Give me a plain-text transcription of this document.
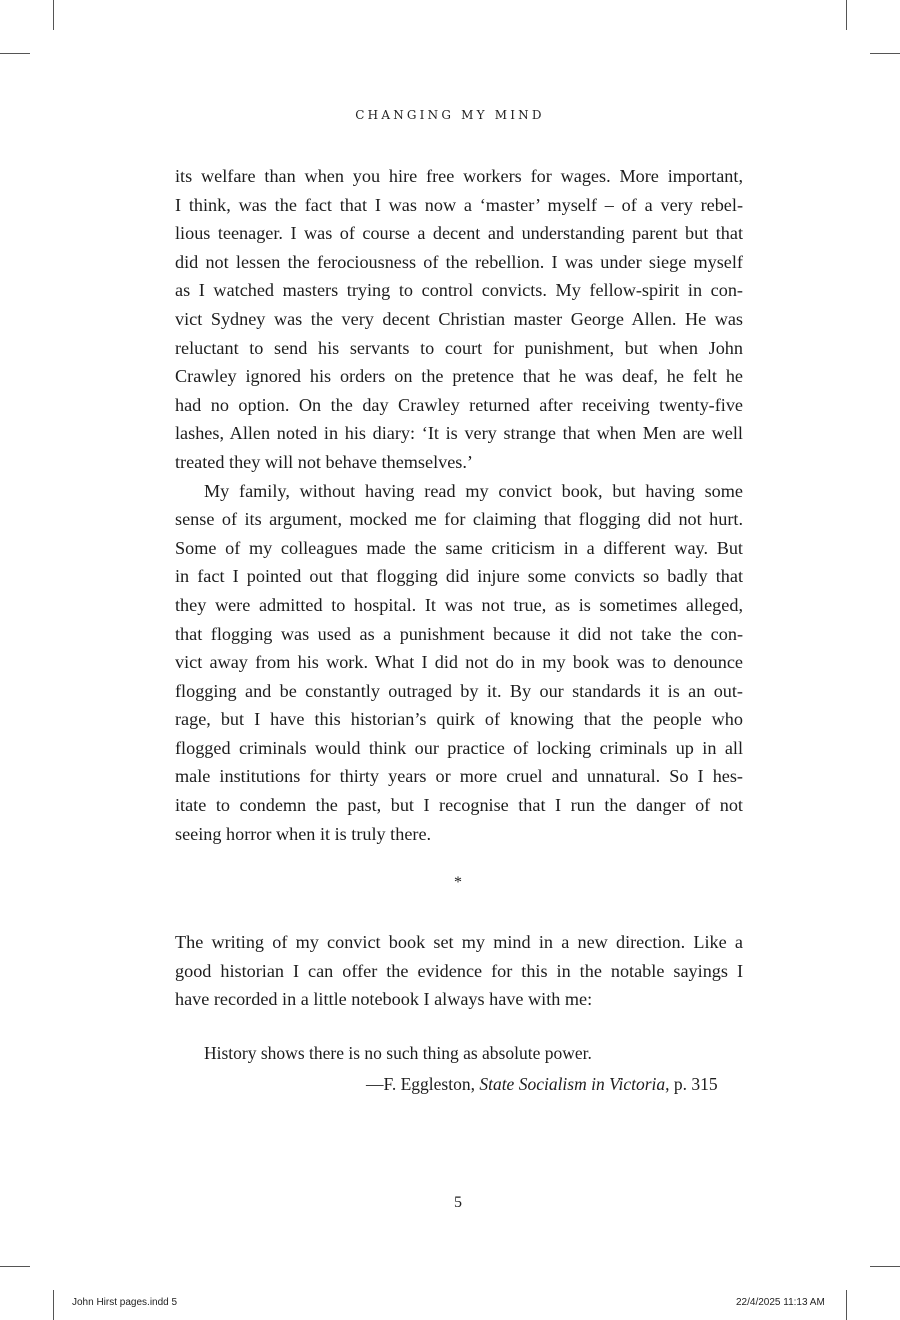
CHANGING MY MIND
its welfare than when you hire free workers for wages. More important,
I think, was the fact that I was now a ‘master’ myself – of a very rebel-
lious teenager. I was of course a decent and understanding parent but that
did not lessen the ferociousness of the rebellion. I was under siege myself
as I watched masters trying to control convicts. My fellow-spirit in con-
vict Sydney was the very decent Christian master George Allen. He was
reluctant to send his servants to court for punishment, but when John
Crawley ignored his orders on the pretence that he was deaf, he felt he
had no option. On the day Crawley returned after receiving twenty-five
lashes, Allen noted in his diary: ‘It is very strange that when Men are well
treated they will not behave themselves.’
My family, without having read my convict book, but having some
sense of its argument, mocked me for claiming that flogging did not hurt.
Some of my colleagues made the same criticism in a different way. But
in fact I pointed out that flogging did injure some convicts so badly that
they were admitted to hospital. It was not true, as is sometimes alleged,
that flogging was used as a punishment because it did not take the con-
vict away from his work. What I did not do in my book was to denounce
flogging and be constantly outraged by it. By our standards it is an out-
rage, but I have this historian’s quirk of knowing that the people who
flogged criminals would think our practice of locking criminals up in all
male institutions for thirty years or more cruel and unnatural. So I hes-
itate to condemn the past, but I recognise that I run the danger of not
seeing horror when it is truly there.
*
The writing of my convict book set my mind in a new direction. Like a
good historian I can offer the evidence for this in the notable sayings I
have recorded in a little notebook I always have with me:
History shows there is no such thing as absolute power.
—F. Eggleston, State Socialism in Victoria, p. 315
5
John Hirst pages.indd 5	22/4/2025 11:13 AM
